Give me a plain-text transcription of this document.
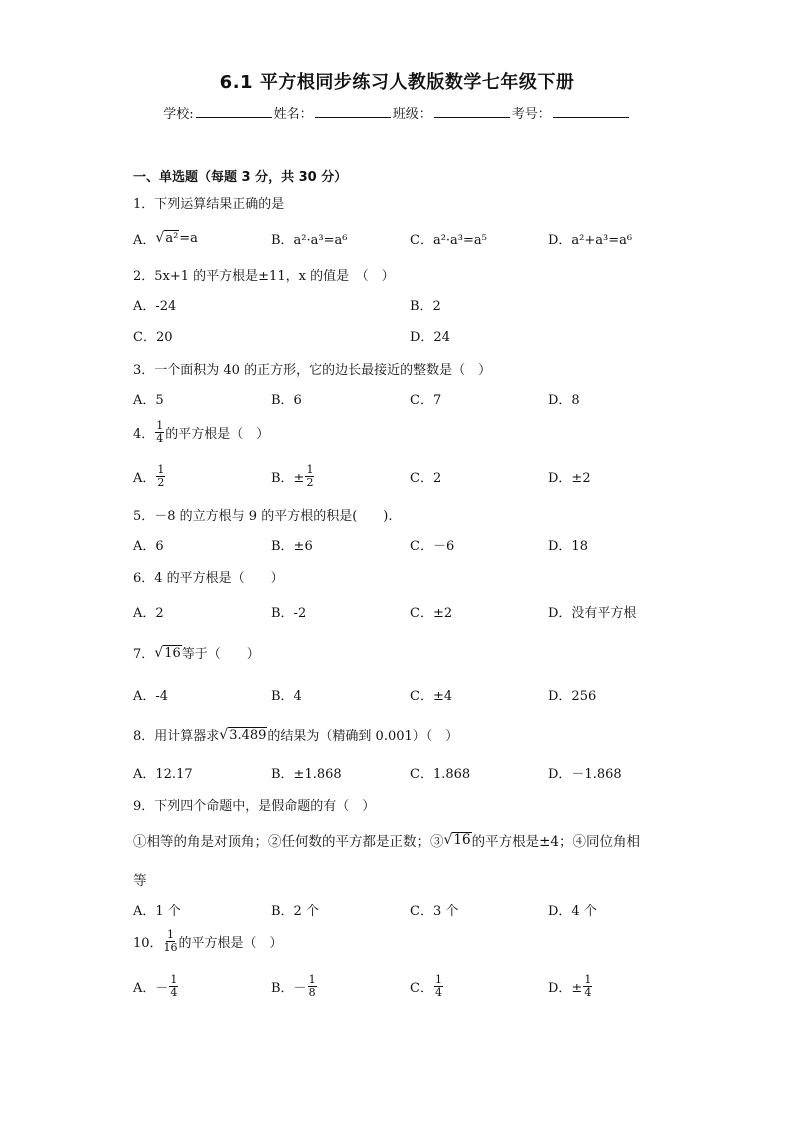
6.1 平方根同步练习人教版数学七年级下册
学校:	姓名：	班级：	考号：
一、单选题（每题 3 分，共 30 分）
1．下列运算结果正确的是
A． √ a² =a	B．a²·a³=a⁶	C．a²·a³=a⁵	D．a²+a³=a⁶
2．5x+1 的平方根是±11，x 的值是　（　）
A．-24	B．2
C．20	D．24
3．一个面积为 40 的正方形，它的边长最接近的整数是（　）
A．5	B．6	C．7	D．8
4． $\frac{1}{4}$ 的平方根是（　）
A． $\frac{1}{2}$	B．± $\frac{1}{2}$	C．2	D．±2
5．－8 的立方根与 9 的平方根的积是(　　).
A．6	B．±6	C．－6	D．18
6．4 的平方根是（　　）
A．2	B．-2	C．±2	D．没有平方根
7． √ 16 等于（　　）
A．-4	B．4	C．±4	D．256
8．用计算器求 √ 3.489 的结果为（精确到 0.001）（　）
A．12.17	B．±1.868	C．1.868	D．－1.868
9．下列四个命题中，是假命题的有（　）
①相等的角是对顶角；②任何数的平方都是正数；③ √ 16 的平方根是±4；④同位角相
等
A．1 个	B．2 个	C．3 个	D．4 个
10． $\frac{1}{16}$ 的平方根是（　）
A．－ $\frac{1}{4}$	B．－ $\frac{1}{8}$	C． $\frac{1}{4}$	D．± $\frac{1}{4}$
